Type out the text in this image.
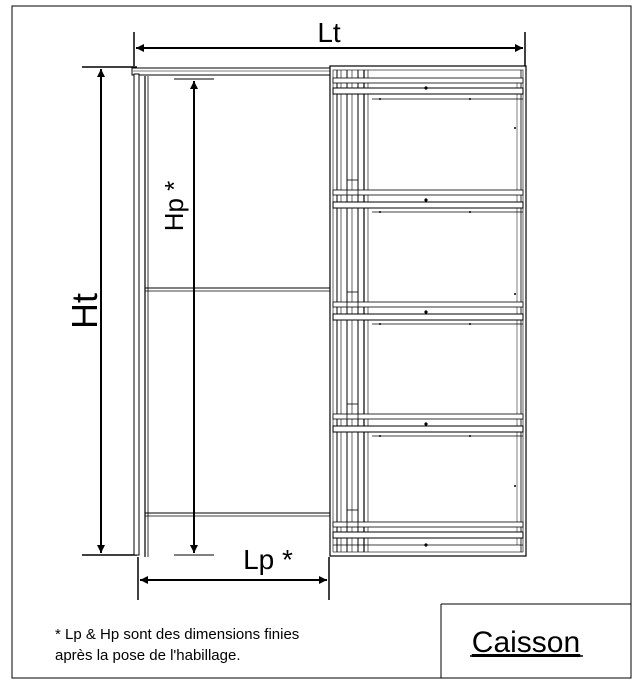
Lt
Ht
Hp *
Lp *
* Lp & Hp sont des dimensions finies
après la pose de l'habillage.	Caisson
